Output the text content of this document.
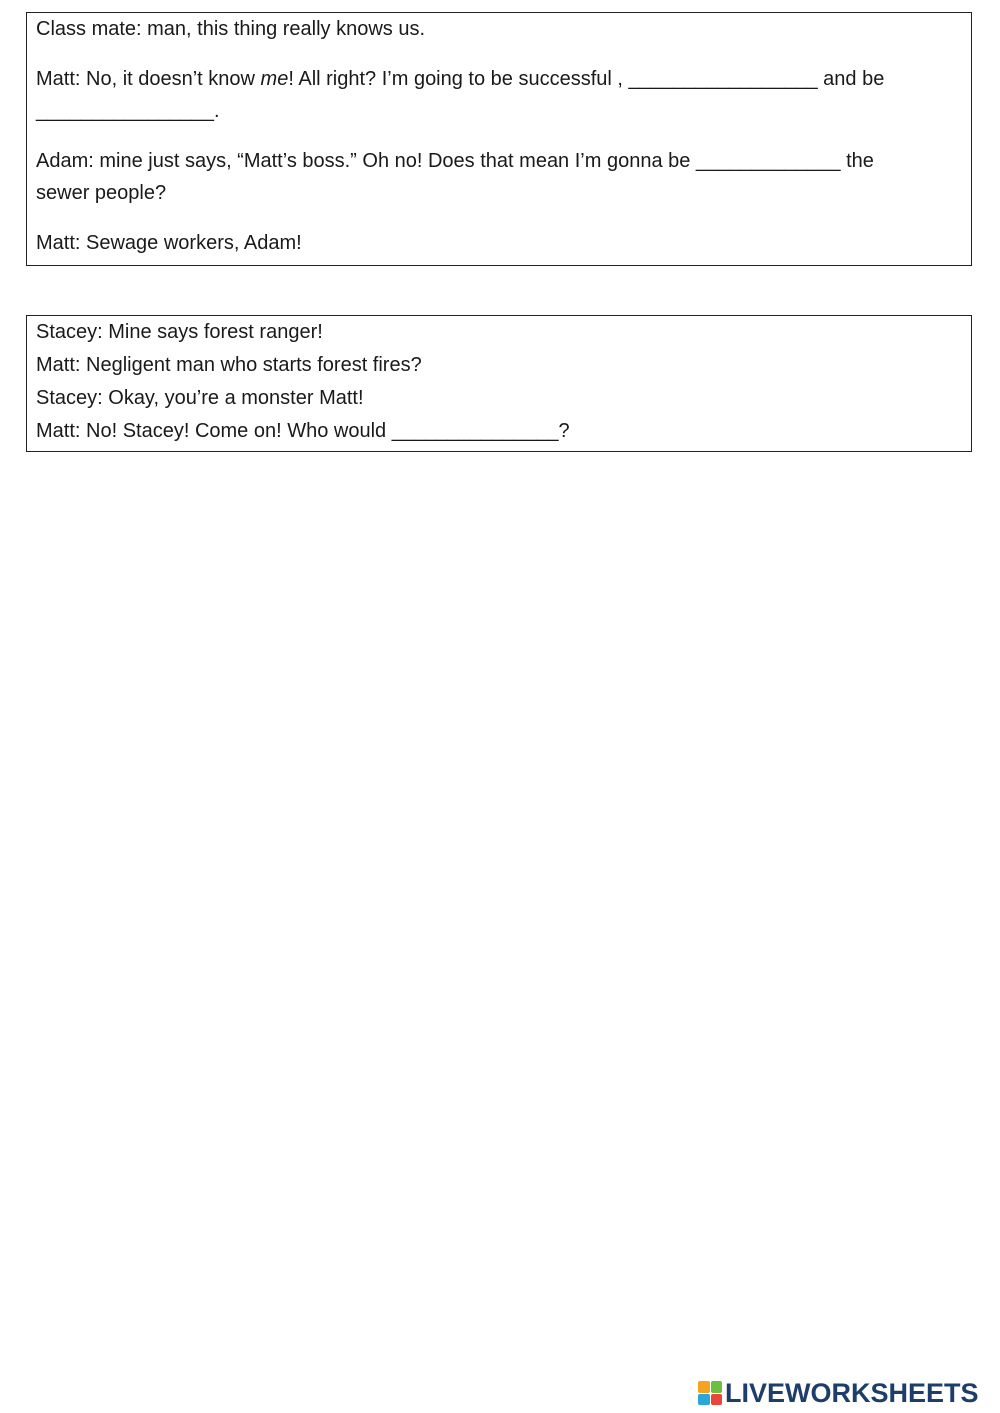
Class mate: man, this thing really knows us.

Matt: No, it doesn’t know me! All right? I’m going to be successful , _________________ and be
________________.

Adam: mine just says, “Matt’s boss.” Oh no! Does that mean I’m gonna be _____________ the
sewer people?

Matt: Sewage workers, Adam!

Stacey: Mine says forest ranger!

Matt: Negligent man who starts forest fires?

Stacey: Okay, you’re a monster Matt!

Matt: No! Stacey! Come on! Who would _______________?

LIVEWORKSHEETS
